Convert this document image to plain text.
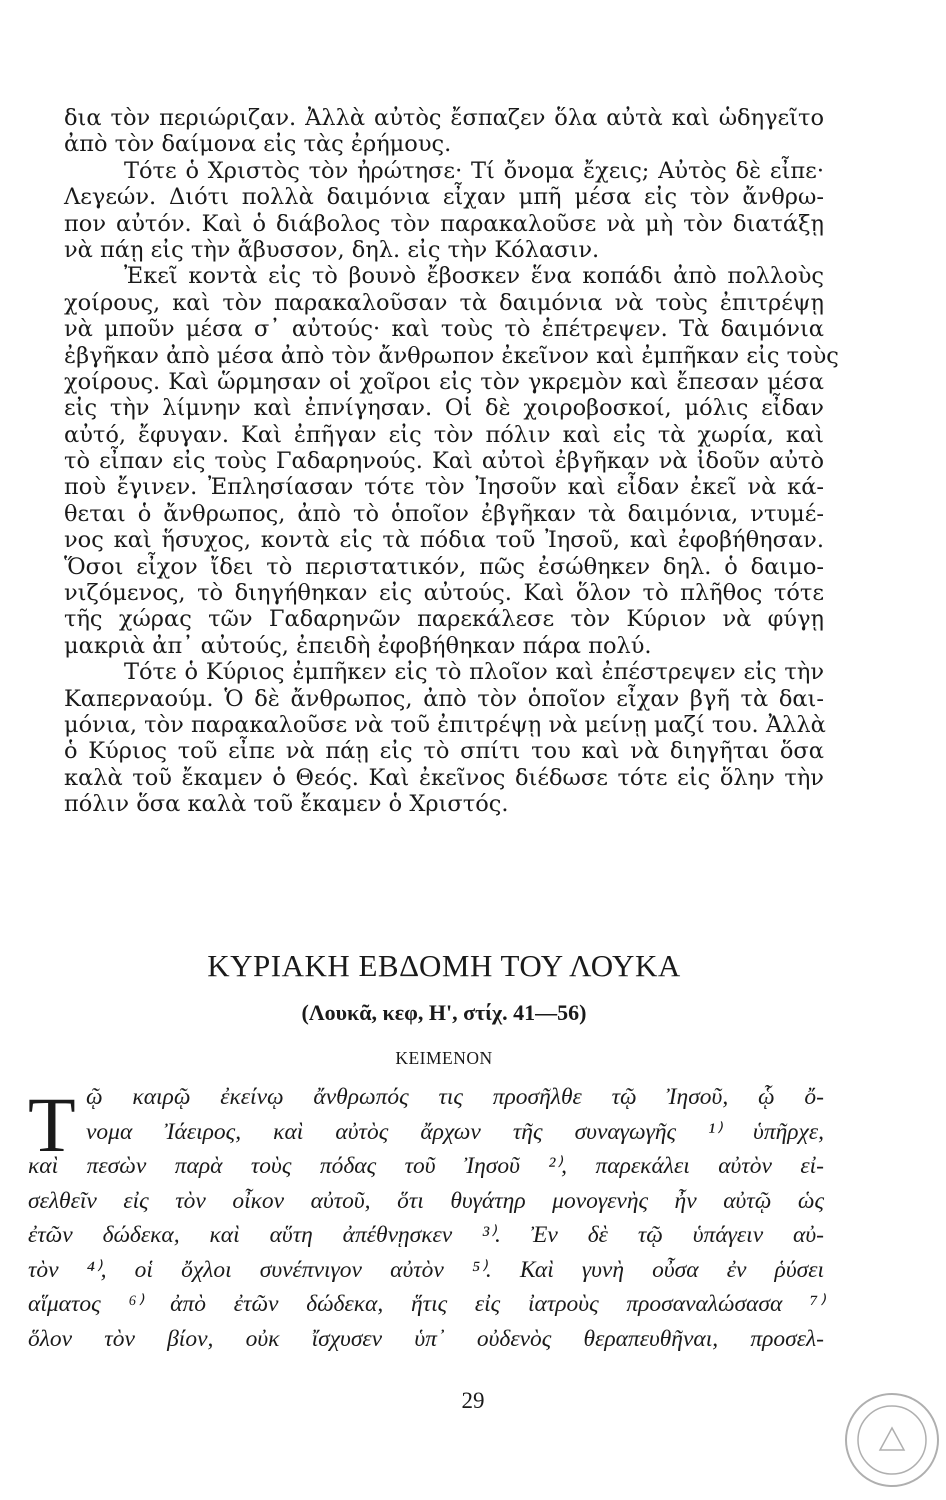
δια τὸν περιώριζαν. Ἀλλὰ αὐτὸς ἔσπαζεν ὅλα αὐτὰ καὶ ὡδηγεῖτο
ἀπὸ τὸν δαίμονα εἰς τὰς ἐρήμους.
Τότε ὁ Χριστὸς τὸν ἠρώτησε· Τί ὄνομα ἔχεις; Αὐτὸς δὲ εἶπε·
Λεγεών. Διότι πολλὰ δαιμόνια εἶχαν μπῆ μέσα εἰς τὸν ἄνθρω-
πον αὐτόν. Καὶ ὁ διάβολος τὸν παρακαλοῦσε νὰ μὴ τὸν διατάξῃ
νὰ πάῃ εἰς τὴν ἄβυσσον, δηλ. εἰς τὴν Κόλασιν.
Ἐκεῖ κοντὰ εἰς τὸ βουνὸ ἔβοσκεν ἕνα κοπάδι ἀπὸ πολλοὺς
χοίρους, καὶ τὸν παρακαλοῦσαν τὰ δαιμόνια νὰ τοὺς ἐπιτρέψῃ
νὰ μποῦν μέσα σ᾽ αὐτούς· καὶ τοὺς τὸ ἐπέτρεψεν. Τὰ δαιμόνια
ἐβγῆκαν ἀπὸ μέσα ἀπὸ τὸν ἄνθρωπον ἐκεῖνον καὶ ἐμπῆκαν εἰς τοὺς
χοίρους. Καὶ ὥρμησαν οἱ χοῖροι εἰς τὸν γκρεμὸν καὶ ἔπεσαν μέσα
εἰς τὴν λίμνην καὶ ἐπνίγησαν. Οἱ δὲ χοιροβοσκοί, μόλις εἶδαν
αὐτό, ἔφυγαν. Καὶ ἐπῆγαν εἰς τὸν πόλιν καὶ εἰς τὰ χωρία, καὶ
τὸ εἶπαν εἰς τοὺς Γαδαρηνούς. Καὶ αὐτοὶ ἐβγῆκαν νὰ ἰδοῦν αὐτὸ
ποὺ ἔγινεν. Ἐπλησίασαν τότε τὸν Ἰησοῦν καὶ εἶδαν ἐκεῖ νὰ κά-
θεται ὁ ἄνθρωπος, ἀπὸ τὸ ὁποῖον ἐβγῆκαν τὰ δαιμόνια, ντυμέ-
νος καὶ ἥσυχος, κοντὰ εἰς τὰ πόδια τοῦ Ἰησοῦ, καὶ ἐφοβήθησαν.
Ὅσοι εἶχον ἴδει τὸ περιστατικόν, πῶς ἐσώθηκεν δηλ. ὁ δαιμο-
νιζόμενος, τὸ διηγήθηκαν εἰς αὐτούς. Καὶ ὅλον τὸ πλῆθος τότε
τῆς χώρας τῶν Γαδαρηνῶν παρεκάλεσε τὸν Κύριον νὰ φύγῃ
μακριὰ ἀπ᾽ αὐτούς, ἐπειδὴ ἐφοβήθηκαν πάρα πολύ.
Τότε ὁ Κύριος ἐμπῆκεν εἰς τὸ πλοῖον καὶ ἐπέστρεψεν εἰς τὴν
Καπερναούμ. Ὁ δὲ ἄνθρωπος, ἀπὸ τὸν ὁποῖον εἶχαν βγῆ τὰ δαι-
μόνια, τὸν παρακαλοῦσε νὰ τοῦ ἐπιτρέψῃ νὰ μείνῃ μαζί του. Ἀλλὰ
ὁ Κύριος τοῦ εἶπε νὰ πάῃ εἰς τὸ σπίτι του καὶ νὰ διηγῆται ὅσα
καλὰ τοῦ ἔκαμεν ὁ Θεός. Καὶ ἐκεῖνος διέδωσε τότε εἰς ὅλην τὴν
πόλιν ὅσα καλὰ τοῦ ἔκαμεν ὁ Χριστός.
ΚΥΡΙΑΚΗ ΕΒΔΟΜΗ ΤΟΥ ΛΟΥΚΑ
(Λουκᾶ, κεφ, Η', στίχ. 41—56)
ΚΕΙΜΕΝΟΝ
Τ ῷ καιρῷ ἐκείνῳ ἄνθρωπός τις προσῆλθε τῷ Ἰησοῦ, ᾧ ὄ-
νομα Ἰάειρος, καὶ αὐτὸς ἄρχων τῆς συναγωγῆς ¹⁾ ὑπῆρχε,
καὶ πεσὼν παρὰ τοὺς πόδας τοῦ Ἰησοῦ ²⁾, παρεκάλει αὐτὸν εἰ-
σελθεῖν εἰς τὸν οἶκον αὐτοῦ, ὅτι θυγάτηρ μονογενὴς ἦν αὐτῷ ὡς
ἐτῶν δώδεκα, καὶ αὕτη ἀπέθνῃσκεν ³⁾. Ἐν δὲ τῷ ὑπάγειν αὐ-
τὸν ⁴⁾, οἱ ὄχλοι συνέπνιγον αὐτὸν ⁵⁾. Καὶ γυνὴ οὖσα ἐν ῥύσει
αἵματος ⁶⁾ ἀπὸ ἐτῶν δώδεκα, ἥτις εἰς ἰατροὺς προσαναλώσασα ⁷⁾
ὅλον τὸν βίον, οὐκ ἴσχυσεν ὑπ᾽ οὐδενὸς θεραπευθῆναι, προσελ-
29
